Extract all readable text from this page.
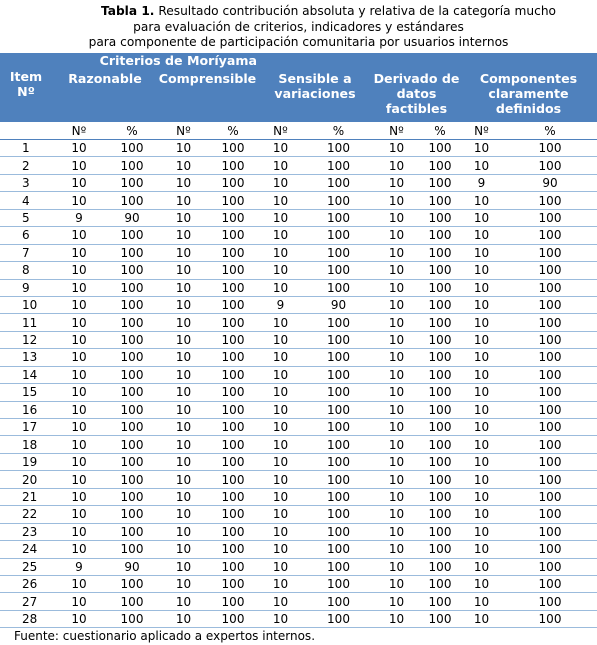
Tabla 1. Resultado contribución absoluta y relativa de la categoría mucho
para evaluación de criterios, indicadores y estándares
para componente de participación comunitaria por usuarios internos
Item Nº	Criterios de Moríyama									
	Razonable		Comprensible		Sensible a variaciones		Derivado de datos factibles		Componentes claramente definidos	
	Nº	%	Nº	%	Nº	%	Nº	%	Nº	%
1	10	100	10	100	10	100	10	100	10	100
2	10	100	10	100	10	100	10	100	10	100
3	10	100	10	100	10	100	10	100	9	90
4	10	100	10	100	10	100	10	100	10	100
5	9	90	10	100	10	100	10	100	10	100
6	10	100	10	100	10	100	10	100	10	100
7	10	100	10	100	10	100	10	100	10	100
8	10	100	10	100	10	100	10	100	10	100
9	10	100	10	100	10	100	10	100	10	100
10	10	100	10	100	9	90	10	100	10	100
11	10	100	10	100	10	100	10	100	10	100
12	10	100	10	100	10	100	10	100	10	100
13	10	100	10	100	10	100	10	100	10	100
14	10	100	10	100	10	100	10	100	10	100
15	10	100	10	100	10	100	10	100	10	100
16	10	100	10	100	10	100	10	100	10	100
17	10	100	10	100	10	100	10	100	10	100
18	10	100	10	100	10	100	10	100	10	100
19	10	100	10	100	10	100	10	100	10	100
20	10	100	10	100	10	100	10	100	10	100
21	10	100	10	100	10	100	10	100	10	100
22	10	100	10	100	10	100	10	100	10	100
23	10	100	10	100	10	100	10	100	10	100
24	10	100	10	100	10	100	10	100	10	100
25	9	90	10	100	10	100	10	100	10	100
26	10	100	10	100	10	100	10	100	10	100
27	10	100	10	100	10	100	10	100	10	100
28	10	100	10	100	10	100	10	100	10	100
Fuente: cuestionario aplicado a expertos internos.
